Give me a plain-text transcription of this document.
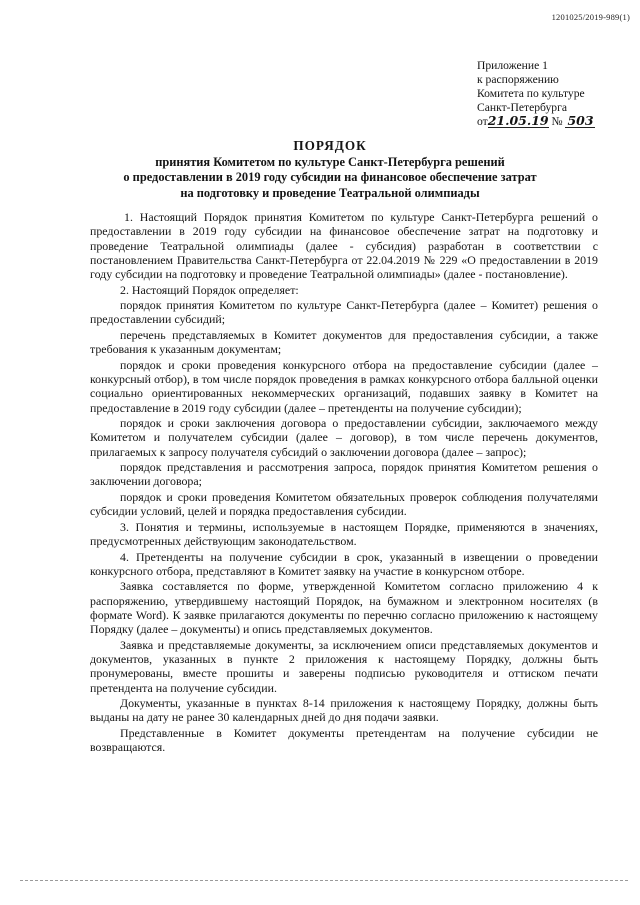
1201025/2019-989(1)
Приложение 1
к распоряжению
Комитета по культуре
Санкт-Петербурга
от21.05.19 № 503
ПОРЯДОК
принятия Комитетом по культуре Санкт-Петербурга решений
о предоставлении в 2019 году субсидии на финансовое обеспечение затрат
на подготовку и проведение Театральной олимпиады

1. Настоящий Порядок принятия Комитетом по культуре Санкт-Петербурга решений о предоставлении в 2019 году субсидии на финансовое обеспечение затрат на подготовку и проведение Театральной олимпиады (далее - субсидия) разработан в соответствии с постановлением Правительства Санкт-Петербурга от 22.04.2019 № 229 «О предоставлении в 2019 году субсидии на подготовку и проведение Театральной олимпиады» (далее - постановление).

2. Настоящий Порядок определяет:

порядок принятия Комитетом по культуре Санкт-Петербурга (далее – Комитет) решения о предоставлении субсидий;

перечень представляемых в Комитет документов для предоставления субсидии, а также требования к указанным документам;

порядок и сроки проведения конкурсного отбора на предоставление субсидии (далее – конкурсный отбор), в том числе порядок проведения в рамках конкурсного отбора балльной оценки социально ориентированных некоммерческих организаций, подавших заявку в Комитет на предоставление в 2019 году субсидии (далее – претенденты на получение субсидии);

порядок и сроки заключения договора о предоставлении субсидии, заключаемого между Комитетом и получателем субсидии (далее – договор), в том числе перечень документов, прилагаемых к запросу получателя субсидий о заключении договора (далее – запрос);

порядок представления и рассмотрения запроса, порядок принятия Комитетом решения о заключении договора;

порядок и сроки проведения Комитетом обязательных проверок соблюдения получателями субсидии условий, целей и порядка предоставления субсидии.

3. Понятия и термины, используемые в настоящем Порядке, применяются в значениях, предусмотренных действующим законодательством.

4. Претенденты на получение субсидии в срок, указанный в извещении о проведении конкурсного отбора, представляют в Комитет заявку на участие в конкурсном отборе.

Заявка составляется по форме, утвержденной Комитетом согласно приложению 4 к распоряжению, утвердившему настоящий Порядок, на бумажном и электронном носителях (в формате Word). К заявке прилагаются документы по перечню согласно приложению к настоящему Порядку (далее – документы) и опись представляемых документов.

Заявка и представляемые документы, за исключением описи представляемых документов и документов, указанных в пункте 2 приложения к настоящему Порядку, должны быть пронумерованы, вместе прошиты и заверены подписью руководителя и оттиском печати претендента на получение субсидии.

Документы, указанные в пунктах 8-14 приложения к настоящему Порядку, должны быть выданы на дату не ранее 30 календарных дней до дня подачи заявки.

Представленные в Комитет документы претендентам на получение субсидии не возвращаются.
